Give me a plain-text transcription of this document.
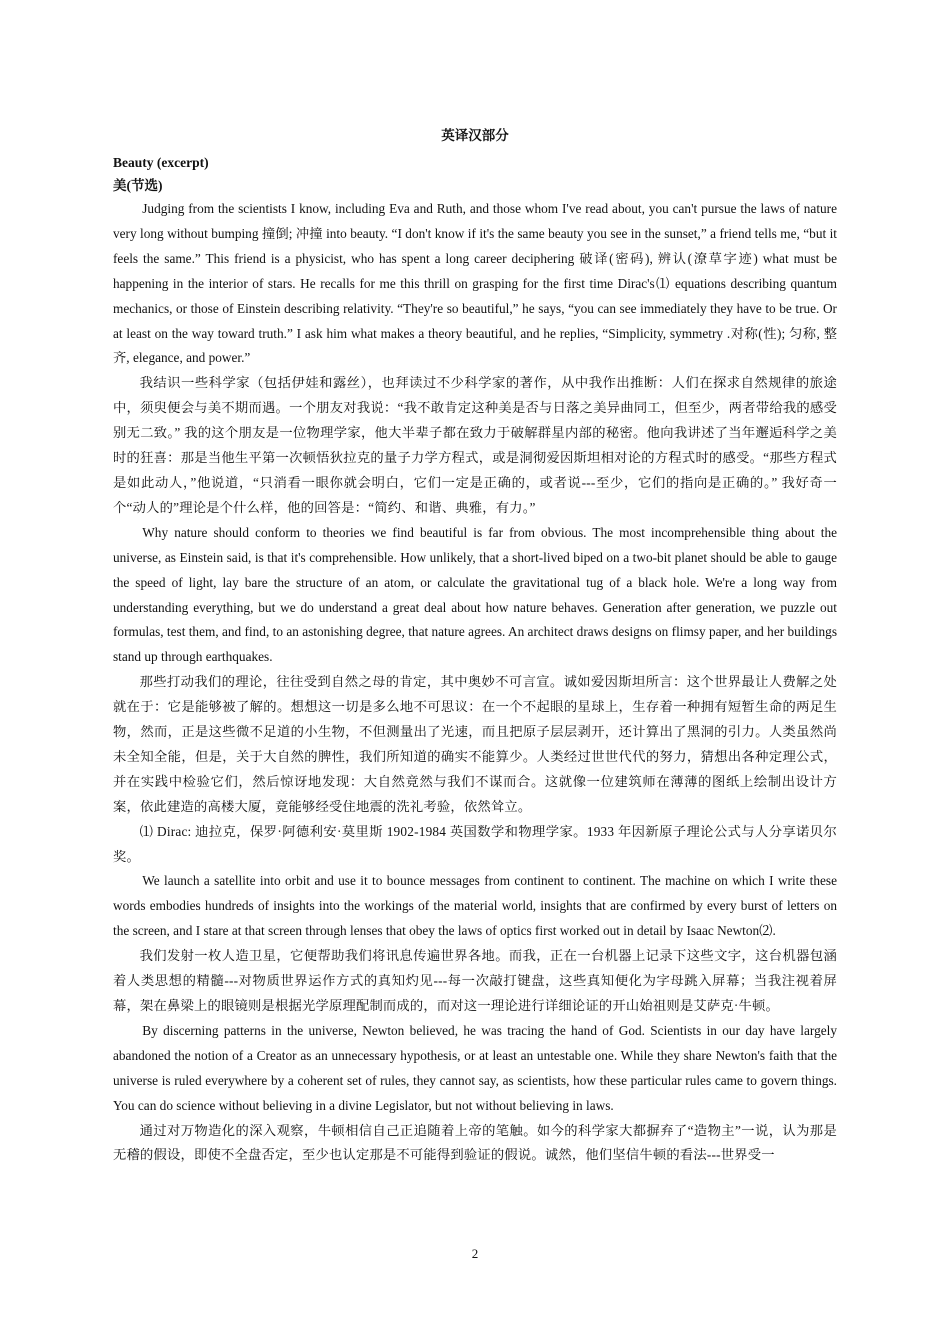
英译汉部分
Beauty (excerpt)
美(节选)

Judging from the scientists I know, including Eva and Ruth, and those whom I've read about, you can't pursue the laws of nature very long without bumping 撞倒; 冲撞 into beauty. “I don't know if it's the same beauty you see in the sunset,” a friend tells me, “but it feels the same.” This friend is a physicist, who has spent a long career deciphering 破译(密码), 辨认(潦草字迹) what must be happening in the interior of stars. He recalls for me this thrill on grasping for the first time Dirac's⑴ equations describing quantum mechanics, or those of Einstein describing relativity. “They're so beautiful,” he says, “you can see immediately they have to be true. Or at least on the way toward truth.” I ask him what makes a theory beautiful, and he replies, “Simplicity, symmetry .对称(性); 匀称, 整齐, elegance, and power.”

我结识一些科学家（包括伊娃和露丝），也拜读过不少科学家的著作，从中我作出推断：人们在探求自然规律的旅途中，须臾便会与美不期而遇。一个朋友对我说：“我不敢肯定这种美是否与日落之美异曲同工，但至少，两者带给我的感受别无二致。” 我的这个朋友是一位物理学家，他大半辈子都在致力于破解群星内部的秘密。他向我讲述了当年邂逅科学之美时的狂喜：那是当他生平第一次顿悟狄拉克的量子力学方程式，或是洞彻爱因斯坦相对论的方程式时的感受。“那些方程式是如此动人，”他说道，“只消看一眼你就会明白，它们一定是正确的，或者说---至少，它们的指向是正确的。” 我好奇一个“动人的”理论是个什么样，他的回答是：“简约、和谐、典雅，有力。”

Why nature should conform to theories we find beautiful is far from obvious. The most incomprehensible thing about the universe, as Einstein said, is that it's comprehensible. How unlikely, that a short-lived biped on a two-bit planet should be able to gauge the speed of light, lay bare the structure of an atom, or calculate the gravitational tug of a black hole. We're a long way from understanding everything, but we do understand a great deal about how nature behaves. Generation after generation, we puzzle out formulas, test them, and find, to an astonishing degree, that nature agrees. An architect draws designs on flimsy paper, and her buildings stand up through earthquakes.

那些打动我们的理论，往往受到自然之母的肯定，其中奥妙不可言宣。诚如爱因斯坦所言：这个世界最让人费解之处就在于：它是能够被了解的。想想这一切是多么地不可思议：在一个不起眼的星球上，生存着一种拥有短暂生命的两足生物，然而，正是这些微不足道的小生物，不但测量出了光速，而且把原子层层剥开，还计算出了黑洞的引力。人类虽然尚未全知全能，但是，关于大自然的脾性，我们所知道的确实不能算少。人类经过世世代代的努力，猜想出各种定理公式，并在实践中检验它们，然后惊讶地发现：大自然竟然与我们不谋而合。这就像一位建筑师在薄薄的图纸上绘制出设计方案，依此建造的高楼大厦，竟能够经受住地震的洗礼考验，依然耸立。

⑴ Dirac: 迪拉克，保罗·阿德利安·莫里斯 1902-1984 英国数学和物理学家。1933 年因新原子理论公式与人分享诺贝尔奖。

We launch a satellite into orbit and use it to bounce messages from continent to continent. The machine on which I write these words embodies hundreds of insights into the workings of the material world, insights that are confirmed by every burst of letters on the screen, and I stare at that screen through lenses that obey the laws of optics first worked out in detail by Isaac Newton⑵.

我们发射一枚人造卫星，它便帮助我们将讯息传遍世界各地。而我，正在一台机器上记录下这些文字，这台机器包涵着人类思想的精髓---对物质世界运作方式的真知灼见---每一次敲打键盘，这些真知便化为字母跳入屏幕；当我注视着屏幕，架在鼻梁上的眼镜则是根据光学原理配制而成的，而对这一理论进行详细论证的开山始祖则是艾萨克·牛顿。

By discerning patterns in the universe, Newton believed, he was tracing the hand of God. Scientists in our day have largely abandoned the notion of a Creator as an unnecessary hypothesis, or at least an untestable one. While they share Newton's faith that the universe is ruled everywhere by a coherent set of rules, they cannot say, as scientists, how these particular rules came to govern things. You can do science without believing in a divine Legislator, but not without believing in laws.

通过对万物造化的深入观察，牛顿相信自己正追随着上帝的笔触。如今的科学家大都摒弃了“造物主”一说，认为那是无稽的假设，即使不全盘否定，至少也认定那是不可能得到验证的假说。诚然，他们坚信牛顿的看法---世界受一

2
